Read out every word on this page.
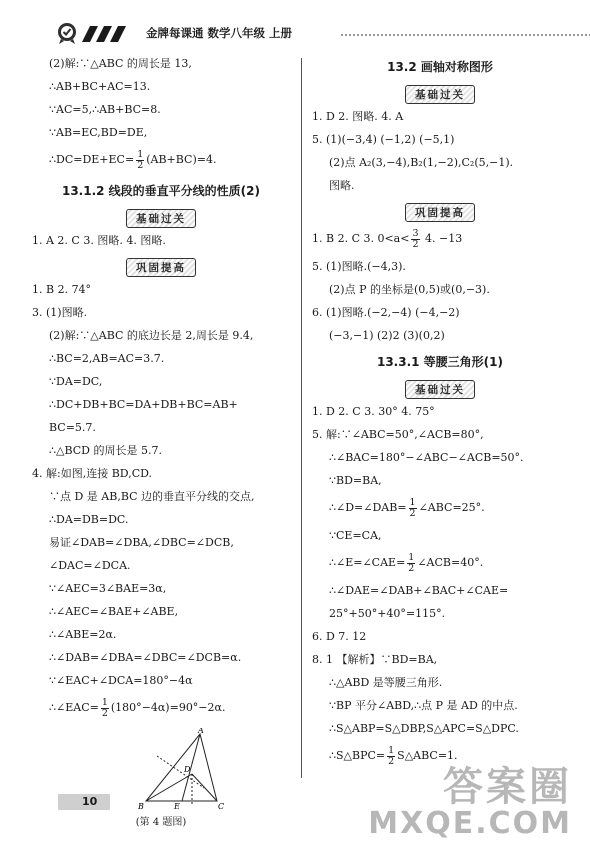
金牌每课通 数学八年级 上册
(2)解:∵△ABC 的周长是 13,
∴AB+BC+AC=13.
∵AC=5,∴AB+BC=8.
∵AB=EC,BD=DE,
∴DC=DE+EC= $\frac{1}{2} (AB+BC)=4$.
13.1.2 线段的垂直平分线的性质(2)
基础过关
1. A 2. C 3. 图略. 4. 图略.
巩固提高
1. B 2. 74°
3. (1)图略.
(2)解:∵△ABC 的底边长是 2,周长是 9.4,
∴BC=2,AB=AC=3.7.
∵DA=DC,
∴DC+DB+BC=DA+DB+BC=AB+
BC=5.7.
∴△BCD 的周长是 5.7.
4. 解:如图,连接 BD,CD.
∵点 D 是 AB,BC 边的垂直平分线的交点,
∴DA=DB=DC.
易证∠DAB=∠DBA,∠DBC=∠DCB,
∠DAC=∠DCA.
∵∠AEC=3∠BAE=3α,
∴∠AEC=∠BAE+∠ABE,
∴∠ABE=2α.
∴∠DAB=∠DBA=∠DBC=∠DCB=α.
∵∠EAC+∠DCA=180°−4α
∴∠EAC= $\frac{1}{2} (180^\circ-4\alpha)=90^\circ-2\alpha$.
A
D
B	E	C
(第 4 题图)
13.2 画轴对称图形
基础过关
1. D 2. 图略. 4. A
5. (1)(−3,4) (−1,2) (−5,1)
(2)点 A₂(3,−4),B₂(1,−2),C₂(5,−1).
图略.
巩固提高
1. B 2. C 3. $0<a< \frac{3}{2} 4$. −13
5. (1)图略.(−4,3).
(2)点 P 的坐标是(0,5)或(0,−3).
6. (1)图略.(−2,−4) (−4,−2)
(−3,−1) (2)2 (3)(0,2)
13.3.1 等腰三角形(1)
基础过关
1. D 2. C 3. 30° 4. 75°
5. 解:∵∠ABC=50°,∠ACB=80°,
∴∠BAC=180°−∠ABC−∠ACB=50°.
∵BD=BA,
∴∠D=∠DAB= $\frac{1}{2}$ ∠ABC=25°.
∵CE=CA,
∴∠E=∠CAE= $\frac{1}{2}$ ∠ACB=40°.
∴∠DAE=∠DAB+∠BAC+∠CAE=
25°+50°+40°=115°.
6. D 7. 12
8. 1 【解析】∵BD=BA,
∴△ABD 是等腰三角形.
∵BP 平分∠ABD,∴点 P 是 AD 的中点.
∴S△ABP=S△DBP,S△APC=S△DPC.
∴S△BPC= $\frac{1}{2}$ S△ABC=1.
10	答案圈
MXQE.COM
